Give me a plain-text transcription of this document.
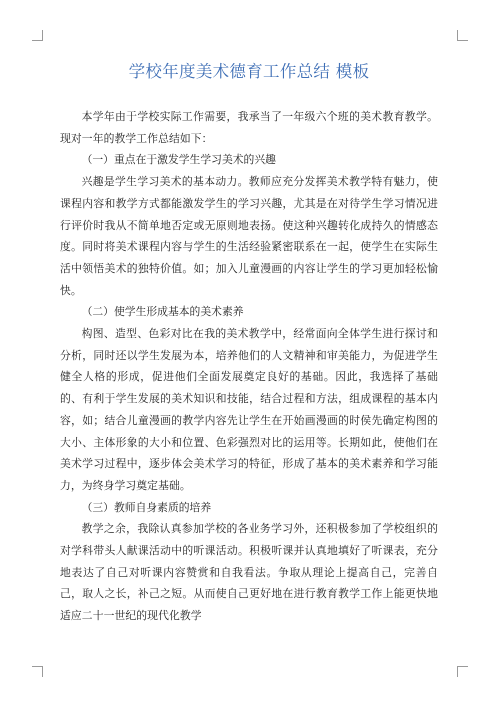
学校年度美术德育工作总结 模板

本学年由于学校实际工作需要，我承当了一年级六个班的美术教育教学。现对一年的教学工作总结如下：

（一）重点在于激发学生学习美术的兴趣

兴趣是学生学习美术的基本动力。教师应充分发挥美术教学特有魅力，使课程内容和教学方式都能激发学生的学习兴趣，尤其是在对待学生学习情况进行评价时我从不简单地否定或无原则地表扬。使这种兴趣转化成持久的情感态度。同时将美术课程内容与学生的生活经验紧密联系在一起，使学生在实际生活中领悟美术的独特价值。如；加入儿童漫画的内容让学生的学习更加轻松愉快。

（二）使学生形成基本的美术素养

构图、造型、色彩对比在我的美术教学中，经常面向全体学生进行探讨和分析，同时还以学生发展为本，培养他们的人文精神和审美能力，为促进学生健全人格的形成，促进他们全面发展奠定良好的基础。因此，我选择了基础的、有利于学生发展的美术知识和技能，结合过程和方法，组成课程的基本内容，如；结合儿童漫画的教学内容先让学生在开始画漫画的时侯先确定构图的大小、主体形象的大小和位置、色彩强烈对比的运用等。长期如此，使他们在美术学习过程中，逐步体会美术学习的特征，形成了基本的美术素养和学习能力，为终身学习奠定基础。

（三）教师自身素质的培养

教学之余，我除认真参加学校的各业务学习外，还积极参加了学校组织的对学科带头人献课活动中的听课活动。积极听课并认真地填好了听课表，充分地表达了自己对听课内容赞赏和自我看法。争取从理论上提高自己，完善自己，取人之长，补己之短。从而使自己更好地在进行教育教学工作上能更快地适应二十一世纪的现代化教学
